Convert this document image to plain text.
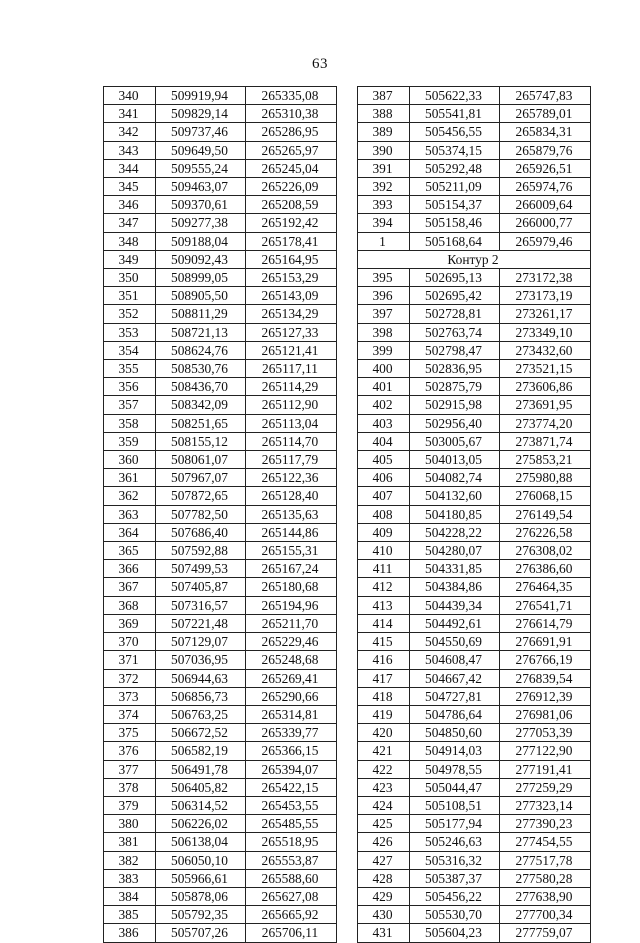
63
340	509919,94	265335,08
341	509829,14	265310,38
342	509737,46	265286,95
343	509649,50	265265,97
344	509555,24	265245,04
345	509463,07	265226,09
346	509370,61	265208,59
347	509277,38	265192,42
348	509188,04	265178,41
349	509092,43	265164,95
350	508999,05	265153,29
351	508905,50	265143,09
352	508811,29	265134,29
353	508721,13	265127,33
354	508624,76	265121,41
355	508530,76	265117,11
356	508436,70	265114,29
357	508342,09	265112,90
358	508251,65	265113,04
359	508155,12	265114,70
360	508061,07	265117,79
361	507967,07	265122,36
362	507872,65	265128,40
363	507782,50	265135,63
364	507686,40	265144,86
365	507592,88	265155,31
366	507499,53	265167,24
367	507405,87	265180,68
368	507316,57	265194,96
369	507221,48	265211,70
370	507129,07	265229,46
371	507036,95	265248,68
372	506944,63	265269,41
373	506856,73	265290,66
374	506763,25	265314,81
375	506672,52	265339,77
376	506582,19	265366,15
377	506491,78	265394,07
378	506405,82	265422,15
379	506314,52	265453,55
380	506226,02	265485,55
381	506138,04	265518,95
382	506050,10	265553,87
383	505966,61	265588,60
384	505878,06	265627,08
385	505792,35	265665,92
386	505707,26	265706,11
387	505622,33	265747,83
388	505541,81	265789,01
389	505456,55	265834,31
390	505374,15	265879,76
391	505292,48	265926,51
392	505211,09	265974,76
393	505154,37	266009,64
394	505158,46	266000,77
1	505168,64	265979,46
Контур 2		
395	502695,13	273172,38
396	502695,42	273173,19
397	502728,81	273261,17
398	502763,74	273349,10
399	502798,47	273432,60
400	502836,95	273521,15
401	502875,79	273606,86
402	502915,98	273691,95
403	502956,40	273774,20
404	503005,67	273871,74
405	504013,05	275853,21
406	504082,74	275980,88
407	504132,60	276068,15
408	504180,85	276149,54
409	504228,22	276226,58
410	504280,07	276308,02
411	504331,85	276386,60
412	504384,86	276464,35
413	504439,34	276541,71
414	504492,61	276614,79
415	504550,69	276691,91
416	504608,47	276766,19
417	504667,42	276839,54
418	504727,81	276912,39
419	504786,64	276981,06
420	504850,60	277053,39
421	504914,03	277122,90
422	504978,55	277191,41
423	505044,47	277259,29
424	505108,51	277323,14
425	505177,94	277390,23
426	505246,63	277454,55
427	505316,32	277517,78
428	505387,37	277580,28
429	505456,22	277638,90
430	505530,70	277700,34
431	505604,23	277759,07
